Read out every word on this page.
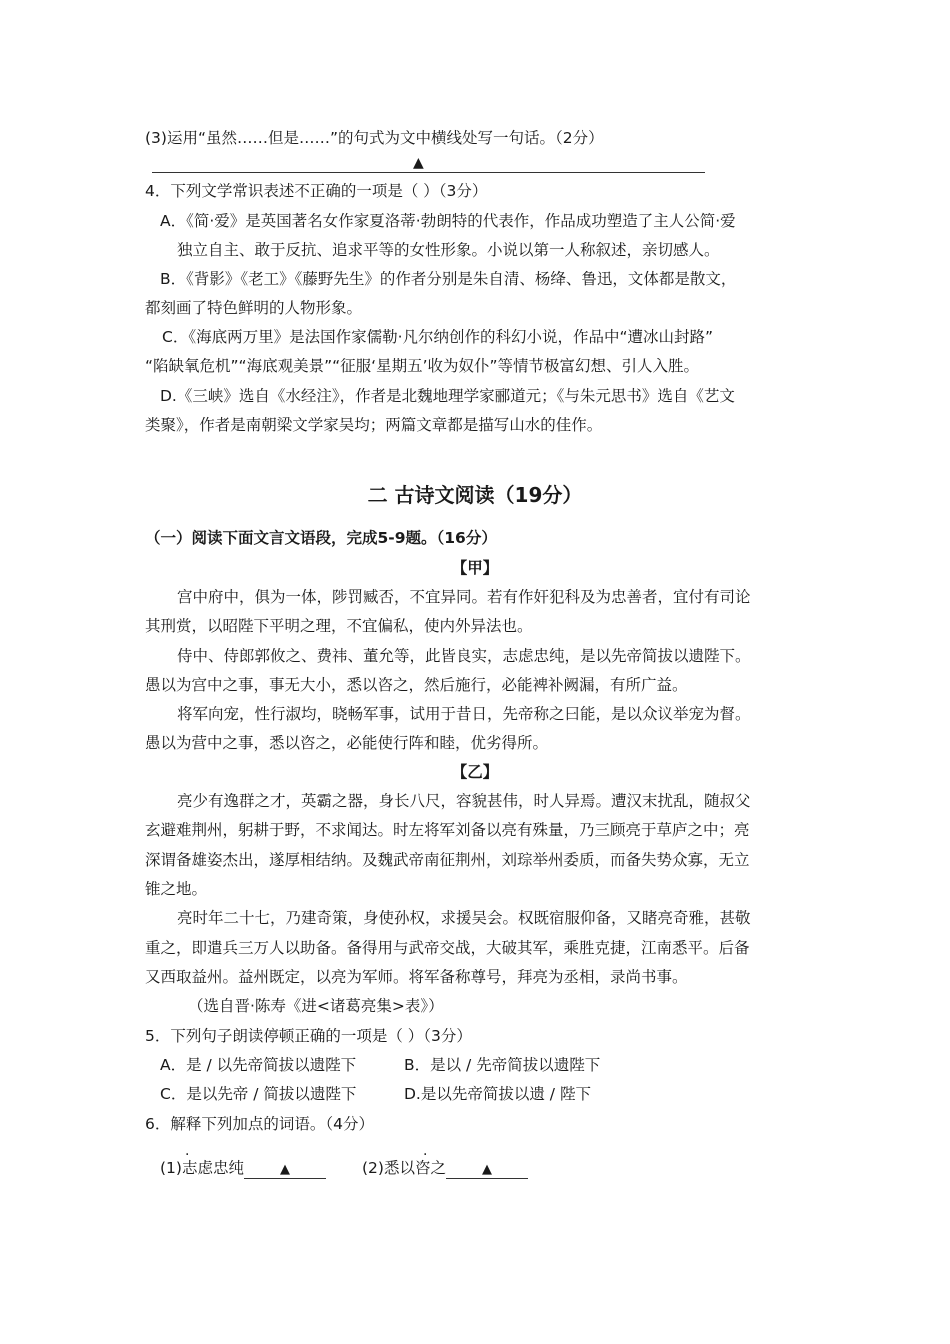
(3)运用“虽然……但是……”的句式为文中横线处写一句话。（2分）
▲
4．下列文学常识表述不正确的一项是（ ）（3分）
A．《简·爱》是英国著名女作家夏洛蒂·勃朗特的代表作，作品成功塑造了主人公简·爱
独立自主、敢于反抗、追求平等的女性形象。小说以第一人称叙述，亲切感人。
B．《背影》《老工》《藤野先生》的作者分别是朱自清、杨绛、鲁迅，文体都是散文，
都刻画了特色鲜明的人物形象。
C．《海底两万里》是法国作家儒勒·凡尔纳创作的科幻小说，作品中“遭冰山封路”
“陷缺氧危机”“海底观美景”“征服‘星期五’收为奴仆”等情节极富幻想、引人入胜。
D.《三峡》选自《水经注》，作者是北魏地理学家郦道元；《与朱元思书》选自《艺文
类聚》，作者是南朝梁文学家吴均；两篇文章都是描写山水的佳作。
二 古诗文阅读（19分）
（一）阅读下面文言文语段，完成5-9题。（16分）
【甲】
宫中府中，俱为一体，陟罚臧否，不宜异同。若有作奸犯科及为忠善者，宜付有司论
其刑赏，以昭陛下平明之理，不宜偏私，使内外异法也。
侍中、侍郎郭攸之、费祎、董允等，此皆良实，志虑忠纯，是以先帝简拔以遗陛下。
愚以为宫中之事，事无大小，悉以咨之，然后施行，必能裨补阙漏，有所广益。
将军向宠，性行淑均，晓畅军事，试用于昔日，先帝称之曰能，是以众议举宠为督。
愚以为营中之事，悉以咨之，必能使行阵和睦，优劣得所。
【乙】
亮少有逸群之才，英霸之器，身长八尺，容貌甚伟，时人异焉。遭汉末扰乱，随叔父
玄避难荆州，躬耕于野，不求闻达。时左将军刘备以亮有殊量，乃三顾亮于草庐之中；亮
深谓备雄姿杰出，遂厚相结纳。及魏武帝南征荆州，刘琮举州委质，而备失势众寡，无立
锥之地。
亮时年二十七，乃建奇策，身使孙权，求援吴会。权既宿服仰备，又睹亮奇雅，甚敬
重之，即遣兵三万人以助备。备得用与武帝交战，大破其军，乘胜克捷，江南悉平。后备
又西取益州。益州既定，以亮为军师。将军备称尊号，拜亮为丞相，录尚书事。
（选自晋·陈寿《进<诸葛亮集>表》）
5．下列句子朗读停顿正确的一项是（ ）（3分）
A．是 / 以先帝简拔以遗陛下	B．是以 / 先帝简拔以遗陛下
C．是以先帝 / 简拔以遗陛下	D.是以先帝简拔以遗 / 陛下
6．解释下列加点的词语。（4分）
.
(1)志虑忠纯	▲
.
(2)悉以咨之	▲
